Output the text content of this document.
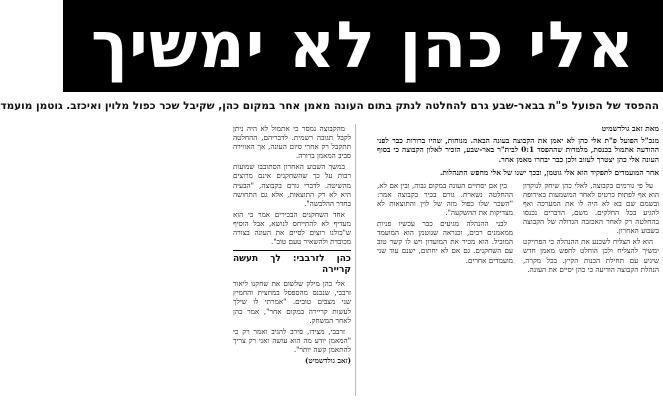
אלי כהן לא ימשיך
ההפסד של הפועל פ"ת בבאר-שבע גרם להחלטה לנתק בתום העונה מאמן אחר במקום כהן, שקיבל שכר כפול מלוין ואיכזב. גוטמן מועמד
מאת זאב גולדשמיט
מנכ"ל הפועל פ"ת אלי כהן לא יאמן את הקבוצה בעונה הבאה. מנוחות, שהיו ברורות כבר לפני ההודעה אתמול בכנסת, מלמדות שההפסד 0:1 לבית"ר באר-שבע, הזכיר לאלון הקבוצה כי בסוף העונה אלי כהן יצטרך לעזוב ולכן כבר יבחרו מאמן אחר.
אחר המועמדים לתפקיד הוא אלי גוטמן, ובכך ישנו של אלי מחפש התנהלות.

על פי גורמים בקבוצה, לאלי כהן שיחק לנוקדון הוא אף לפתות כרטיס לאחר המשמעות באירופה ובשמם שם בא לא היה לו את המערכה ואף להגיע בכל החלקים. משם, הדברים נכנסו בהחלטה רק לאחר האכזבה הגדולה של הקבוצה בשבוע האחרון.

הוא לא הצליח לשכנע את ההנהלה כי הפרויקט ימשיך להצליח ולכן הוחלט לחפש מאמן חדש שיגיע עם תחילת הכנות הקיץ. בכל מקרה, הנהלת הקבוצה הודיעה כי כהן יסיים את העונה.

בין אם יסתיים העונה במקום גבוה, ובין אם לא, ההחלטה נשארת. גורם בכיר בקבוצה אמר: "השכר שלו כפול מזה של לוין והתוצאות לא מצדיקות את ההשקעה".

לבני ההנהלה מגיעים כבר עכשיו פניות ממאמנים רבים, וכנראה שגוטמן הוא המועמד המוביל. הוא מכיר את המועדון ויש לו קשר טוב עם השחקנים. גם אם לא יחתום, ישנם עוד שני מועמדים אחרים.

מהקבוצה נמסר כי אתמול לא היה ניתן לקבל תגובה רשמית. לדבריהם, ההחלטה תתקבל רק אחרי סיום העונה, אך האווירה סביב המאמן ברורה.

במשך השבוע האחרון הסתובבו שמועות רבות על כך שהשחקנים אינם מרוצים מהשיטה. לדברי גורם בקבוצה, "הבעיה היא לא רק התוצאות, אלא גם התחושה בחדר ההלבשה".

אחד השחקנים הבכירים אמר כי הוא מעדיף לא להתייחס לנושא, אבל הוסיף ש"כולנו רוצים לסיים את העונה בצורה מכובדת ולהשאיר טעם טוב".

כהן לזרבבי: לך תעשה קריירה

אלי כהן מילק שלשום את שחקנו ליאור זרבבי, שנכנס מהספסל במחצית והחמיץ שני מצבים טובים. "אמרתי לו שילך לעשות קריירה במקום אחר", אמר כהן לאחר המשחק.

זרבבי, מצידו, סירב להגיב ואמר רק כי "המאמן יודע מה הוא עושה ואני רק צריך להתאמן קשה יותר".

(זאב גולדשמיט)
